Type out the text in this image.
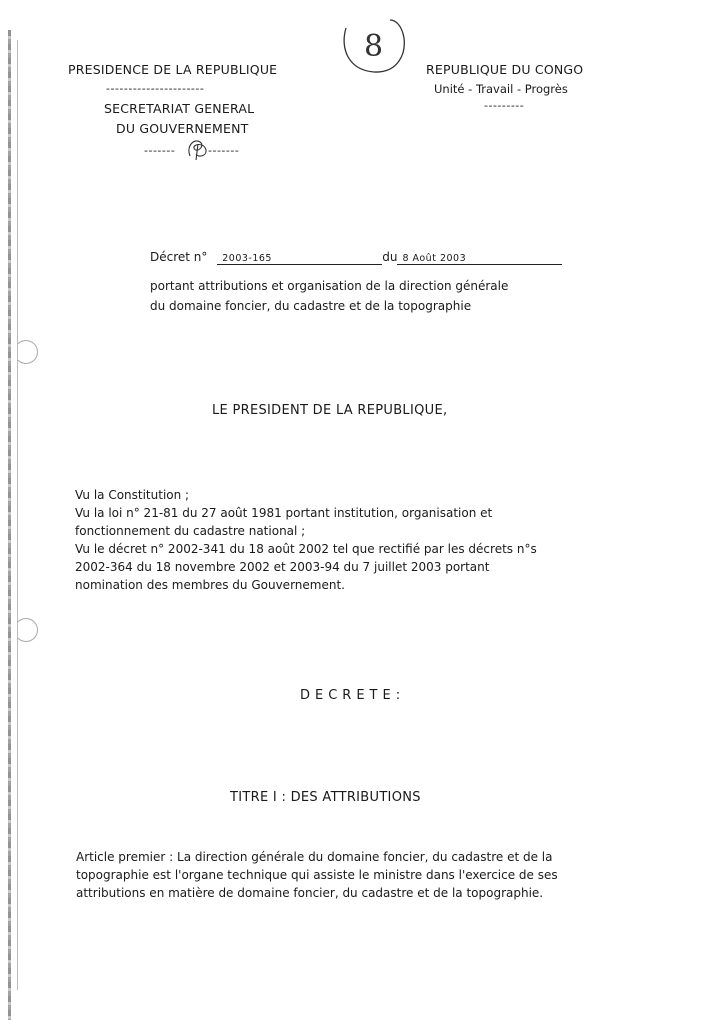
8
PRESIDENCE DE LA REPUBLIQUE
----------------------
SECRETARIAT GENERAL
DU GOUVERNEMENT
-------	-------
REPUBLIQUE DU CONGO
Unité - Travail - Progrès
---------
Décret n° 2003-165	du 8 Août 2003
portant attributions et organisation de la direction générale
du domaine foncier, du cadastre et de la topographie
LE PRESIDENT DE LA REPUBLIQUE,
Vu la Constitution ;
Vu la loi n° 21-81 du 27 août 1981 portant institution, organisation et
fonctionnement du cadastre national ;
Vu le décret n° 2002-341 du 18 août 2002 tel que rectifié par les décrets n°s
2002-364 du 18 novembre 2002 et 2003-94 du 7 juillet 2003 portant
nomination des membres du Gouvernement.
DECRETE:
TITRE I : DES ATTRIBUTIONS
Article premier : La direction générale du domaine foncier, du cadastre et de la
topographie est l'organe technique qui assiste le ministre dans l'exercice de ses
attributions en matière de domaine foncier, du cadastre et de la topographie.
